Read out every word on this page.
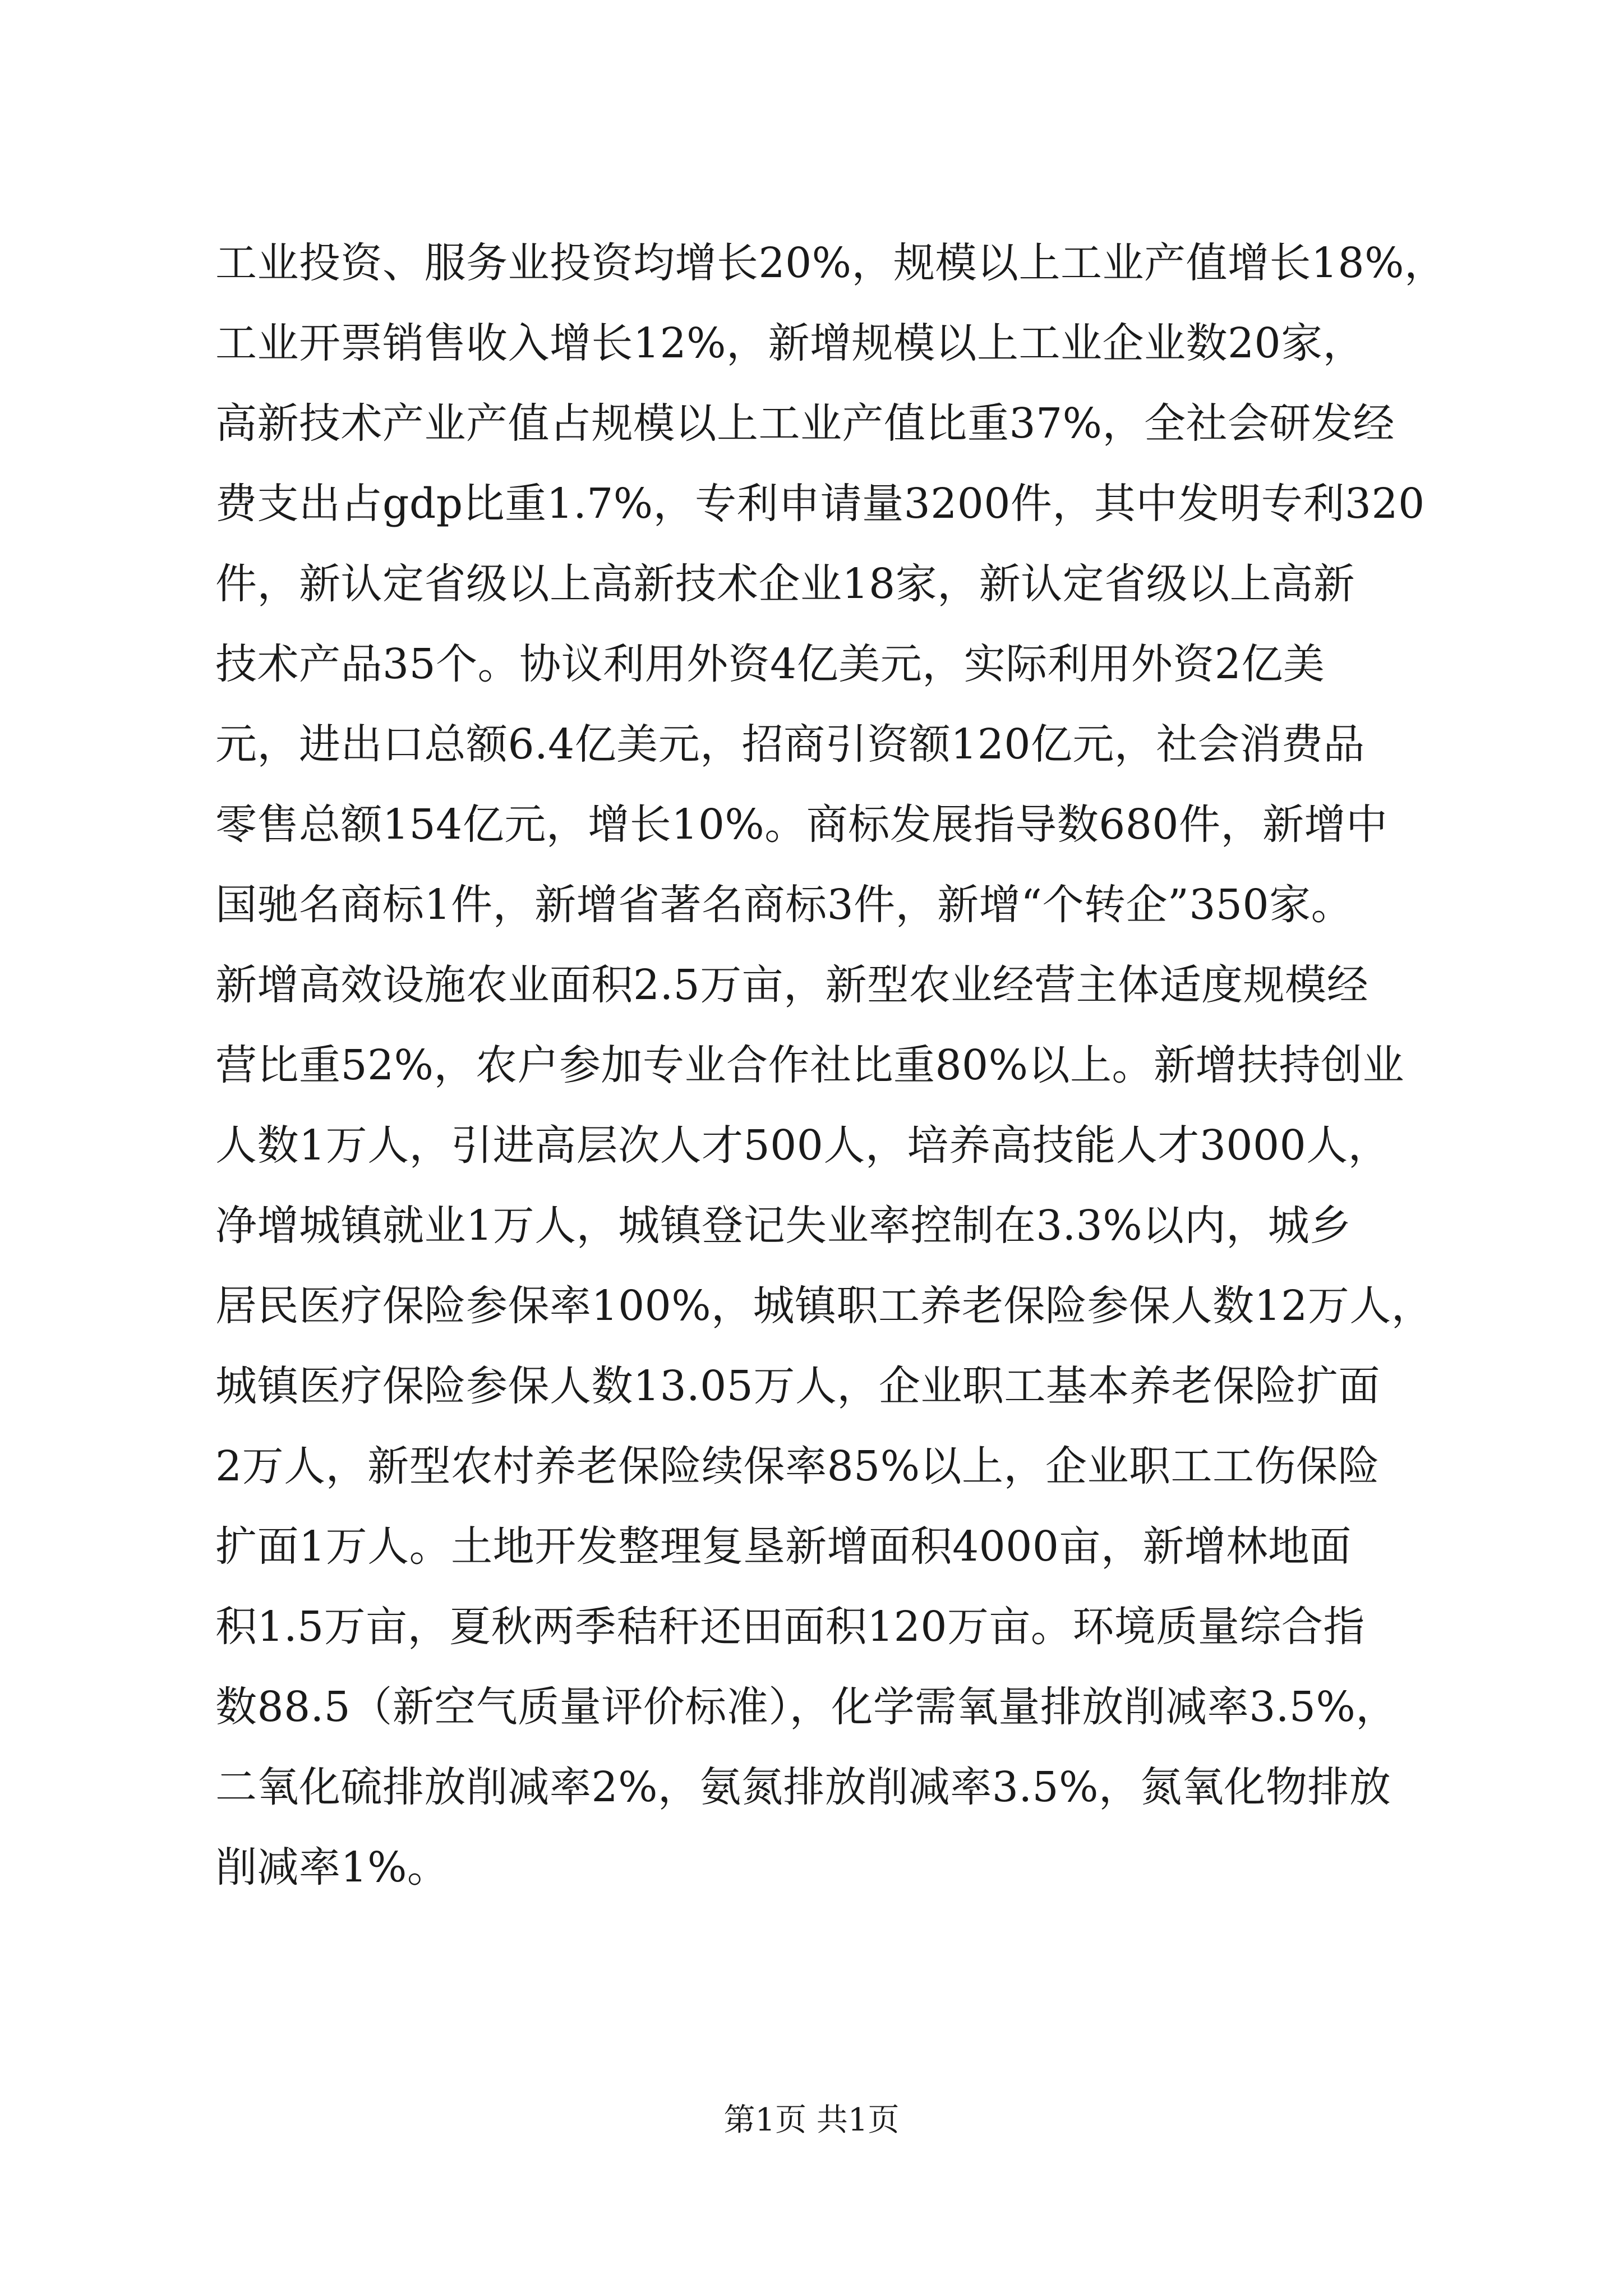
工业投资、服务业投资均增长20%，规模以上工业产值增长18%，
工业开票销售收入增长12%，新增规模以上工业企业数20家，
高新技术产业产值占规模以上工业产值比重37%，全社会研发经
费支出占gdp比重1.7%，专利申请量3200件，其中发明专利320
件，新认定省级以上高新技术企业18家，新认定省级以上高新
技术产品35个。协议利用外资4亿美元，实际利用外资2亿美
元，进出口总额6.4亿美元，招商引资额120亿元，社会消费品
零售总额154亿元，增长10%。商标发展指导数680件，新增中
国驰名商标1件，新增省著名商标3件，新增“个转企”350家。
新增高效设施农业面积2.5万亩，新型农业经营主体适度规模经
营比重52%，农户参加专业合作社比重80%以上。新增扶持创业
人数1万人，引进高层次人才500人，培养高技能人才3000人，
净增城镇就业1万人，城镇登记失业率控制在3.3%以内，城乡
居民医疗保险参保率100%，城镇职工养老保险参保人数12万人，
城镇医疗保险参保人数13.05万人，企业职工基本养老保险扩面
2万人，新型农村养老保险续保率85%以上，企业职工工伤保险
扩面1万人。土地开发整理复垦新增面积4000亩，新增林地面
积1.5万亩，夏秋两季秸秆还田面积120万亩。环境质量综合指
数88.5（新空气质量评价标准），化学需氧量排放削减率3.5%，
二氧化硫排放削减率2%，氨氮排放削减率3.5%，氮氧化物排放
削减率1%。
第1页 共1页
